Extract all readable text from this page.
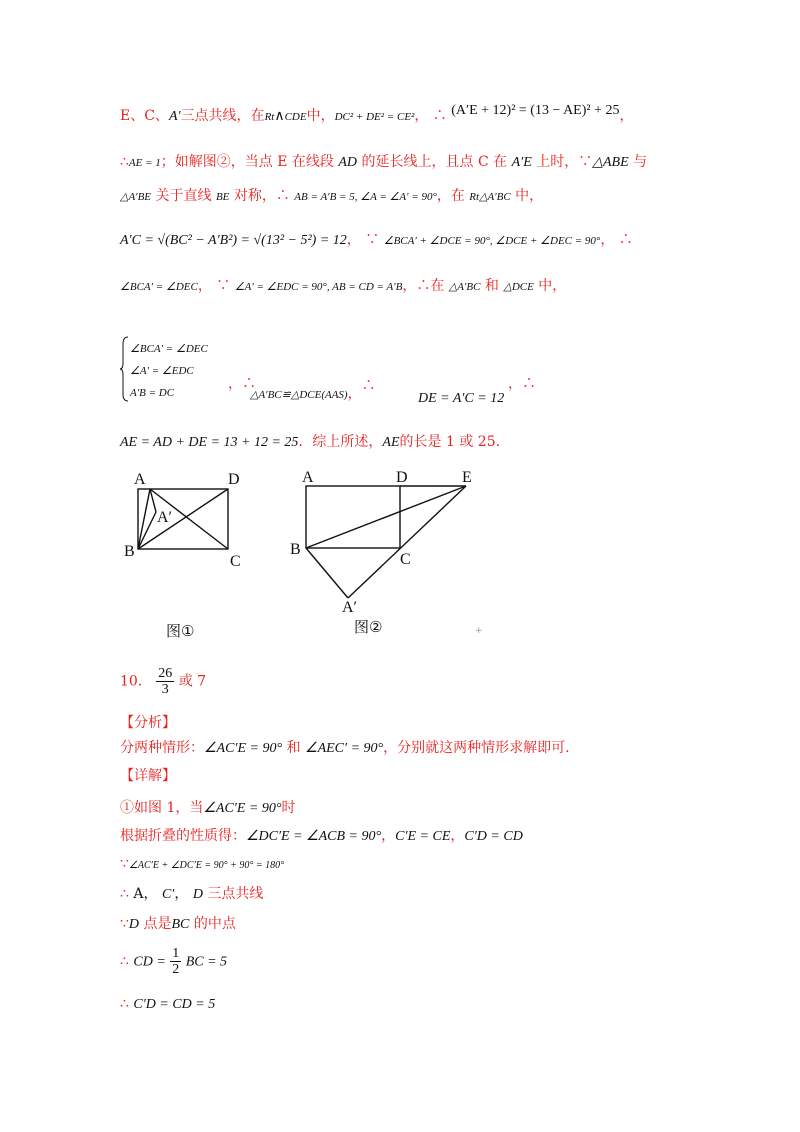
E、C、A′三点共线，在Rt∧CDE中，DC² + DE² = CE²， ∴ (A′E + 12)² = (13 − AE)² + 25，
∴AE = 1；如解图②，当点 E 在线段 AD 的延长线上，且点 C 在 A′E 上时，∵△ABE 与
△A′BE 关于直线 BE 对称，∴ AB = A′B = 5, ∠A = ∠A′ = 90°，在 Rt△A′BC 中，
A′C = √(BC² − A′B²) = √(13² − 5²) = 12， ∵ ∠BCA′ + ∠DCE = 90°, ∠DCE + ∠DEC = 90°， ∴
∠BCA′ = ∠DEC， ∵ ∠A′ = ∠EDC = 90°, AB = CD = A′B，∴在 △A′BC 和 △DCE 中，
∠BCA′ = ∠DEC
∠A′ = ∠EDC
A′B = DC
，∴
△A′BC≌△DCE(AAS)，∴
DE = A′C = 12
，∴
AE = AD + DE = 13 + 12 = 25．综上所述，AE的长是 1 或 25.
A	D
A′
B
C
图①
A	D	E
B
C
A′
图②	+
10． $\frac{26}{3}$ 或 7
【分析】
分两种情形：∠AC′E = 90° 和 ∠AEC′ = 90°，分别就这两种情形求解即可.
【详解】
①如图 1，当∠AC′E = 90°时
根据折叠的性质得：∠DC′E = ∠ACB = 90°，C′E = CE，C′D = CD
∵∠AC′E + ∠DC′E = 90° + 90° = 180°
∴ A， C′， D 三点共线
∵D 点是BC 的中点
∴ CD = $\frac{1}{2}$ BC = 5
∴ C′D = CD = 5
